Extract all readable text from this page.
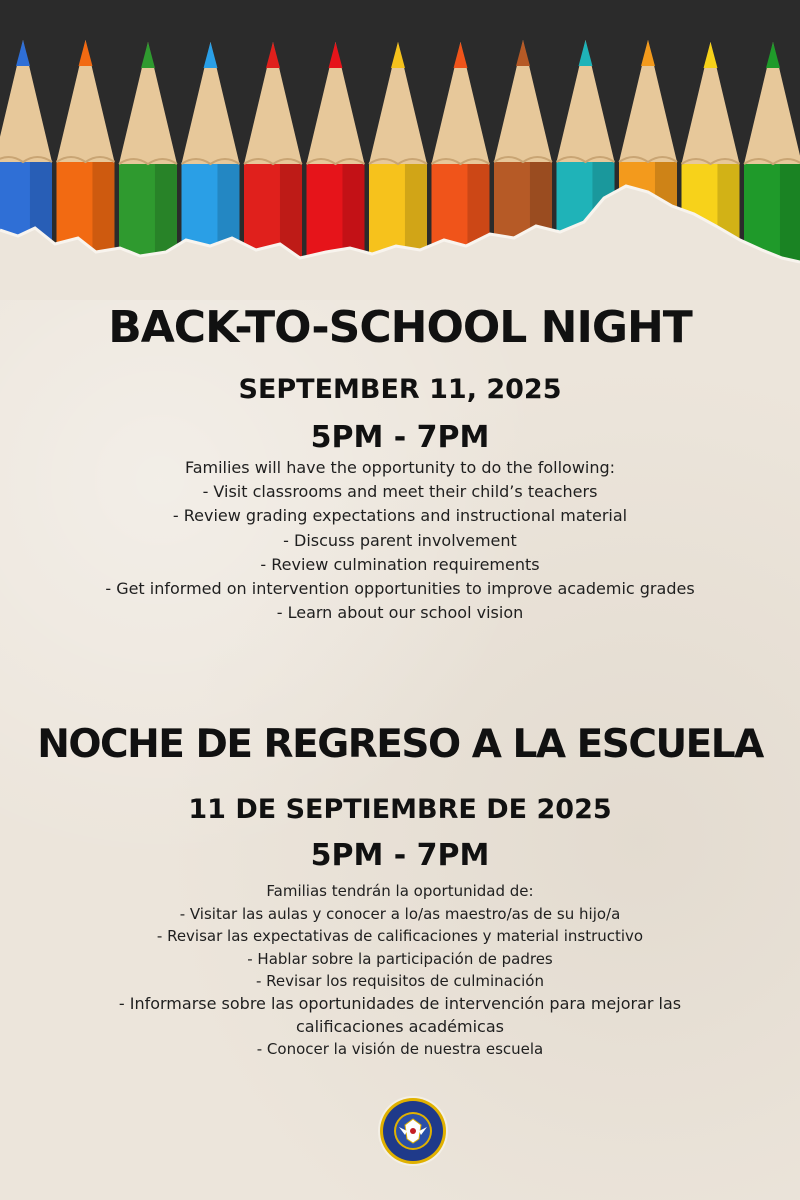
BACK-TO-SCHOOL NIGHT
SEPTEMBER 11, 2025
5PM - 7PM
Families will have the opportunity to do the following:
- Visit classrooms and meet their child’s teachers
- Review grading expectations and instructional material
- Discuss parent involvement
- Review culmination requirements
- Get informed on intervention opportunities to improve academic grades
- Learn about our school vision
NOCHE DE REGRESO A LA ESCUELA
11 DE SEPTIEMBRE DE 2025
5PM - 7PM
Familias tendrán la oportunidad de:
- Visitar las aulas y conocer a lo/as maestro/as de su hijo/a
- Revisar las expectativas de calificaciones y material instructivo
- Hablar sobre la participación de padres
- Revisar los requisitos de culminación
- Informarse sobre las oportunidades de intervención para mejorar las
calificaciones académicas
- Conocer la visión de nuestra escuela
